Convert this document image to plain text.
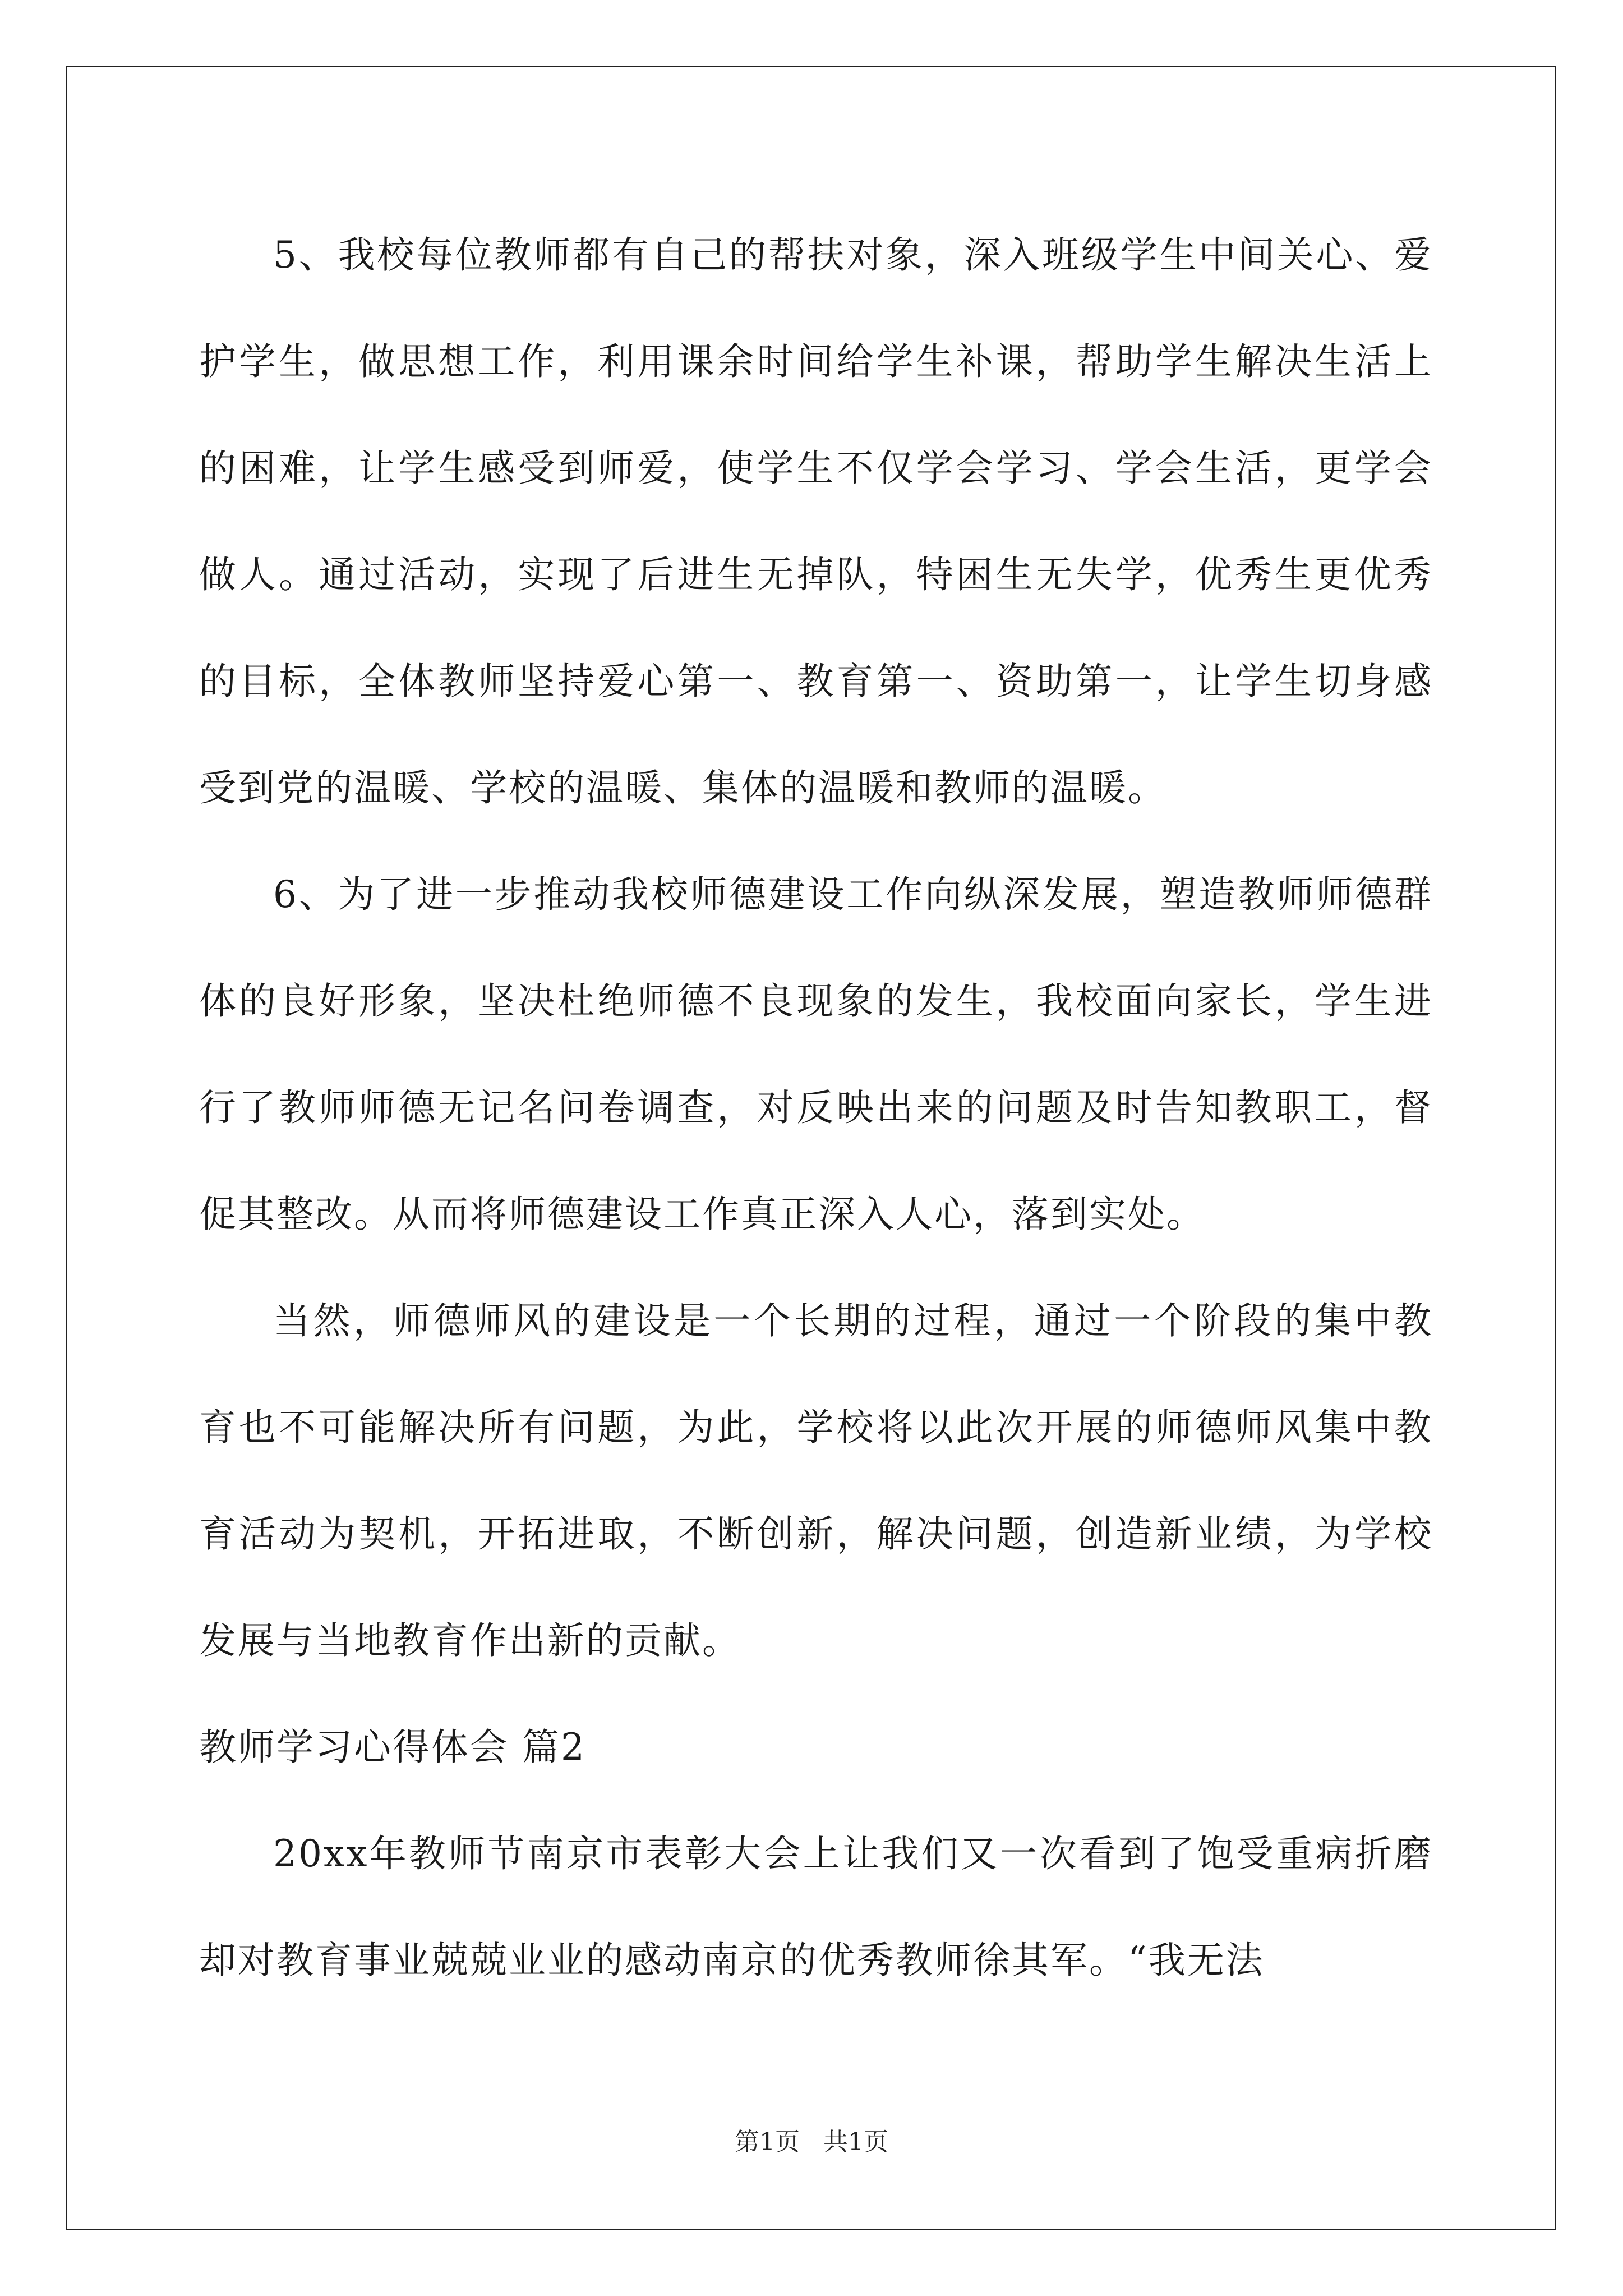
5、我校每位教师都有自己的帮扶对象，深入班级学生中间关心、爱护学生，做思想工作，利用课余时间给学生补课，帮助学生解决生活上的困难，让学生感受到师爱，使学生不仅学会学习、学会生活，更学会做人。通过活动，实现了后进生无掉队，特困生无失学，优秀生更优秀的目标，全体教师坚持爱心第一、教育第一、资助第一，让学生切身感受到党的温暖、学校的温暖、集体的温暖和教师的温暖。

6、为了进一步推动我校师德建设工作向纵深发展，塑造教师师德群体的良好形象，坚决杜绝师德不良现象的发生，我校面向家长，学生进行了教师师德无记名问卷调查，对反映出来的问题及时告知教职工，督促其整改。从而将师德建设工作真正深入人心，落到实处。

当然，师德师风的建设是一个长期的过程，通过一个阶段的集中教育也不可能解决所有问题，为此，学校将以此次开展的师德师风集中教育活动为契机，开拓进取，不断创新，解决问题，创造新业绩，为学校发展与当地教育作出新的贡献。

教师学习心得体会 篇2

20xx年教师节南京市表彰大会上让我们又一次看到了饱受重病折磨却对教育事业兢兢业业的感动南京的优秀教师徐其军。“我无法

第1页 共1页
